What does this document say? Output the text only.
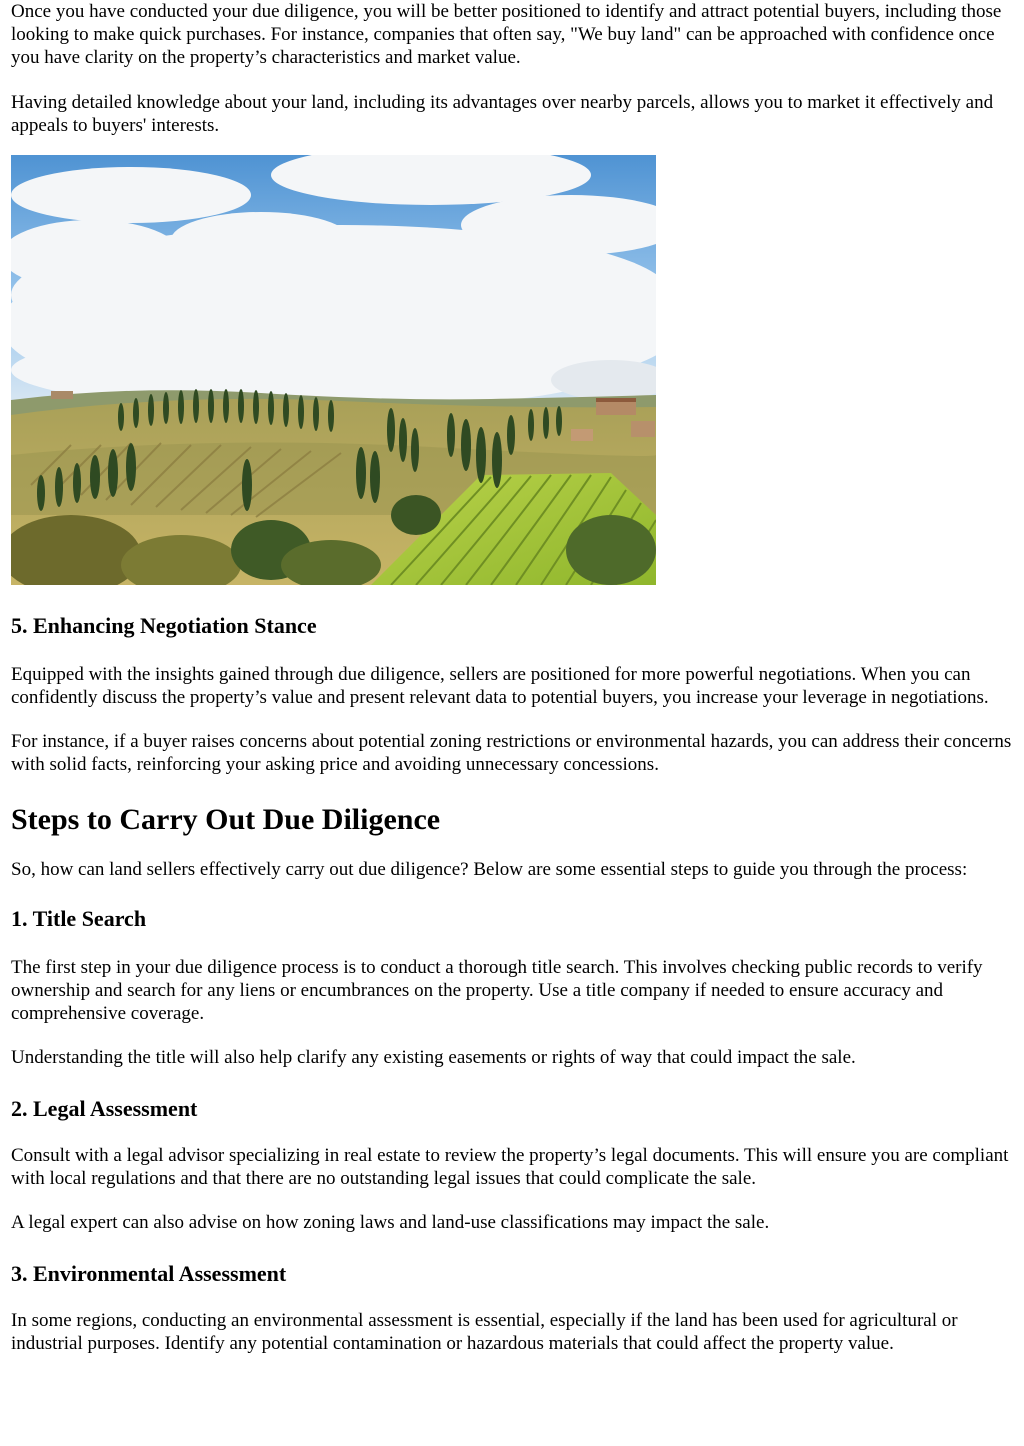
Once you have conducted your due diligence, you will be better positioned to identify and attract potential buyers, including those looking to make quick purchases. For instance, companies that often say, "We buy land" can be approached with confidence once you have clarity on the property’s characteristics and market value.

Having detailed knowledge about your land, including its advantages over nearby parcels, allows you to market it effectively and appeals to buyers' interests.

5. Enhancing Negotiation Stance

Equipped with the insights gained through due diligence, sellers are positioned for more powerful negotiations. When you can confidently discuss the property’s value and present relevant data to potential buyers, you increase your leverage in negotiations.

For instance, if a buyer raises concerns about potential zoning restrictions or environmental hazards, you can address their concerns with solid facts, reinforcing your asking price and avoiding unnecessary concessions.

Steps to Carry Out Due Diligence

So, how can land sellers effectively carry out due diligence? Below are some essential steps to guide you through the process:

1. Title Search

The first step in your due diligence process is to conduct a thorough title search. This involves checking public records to verify ownership and search for any liens or encumbrances on the property. Use a title company if needed to ensure accuracy and comprehensive coverage.

Understanding the title will also help clarify any existing easements or rights of way that could impact the sale.

2. Legal Assessment

Consult with a legal advisor specializing in real estate to review the property’s legal documents. This will ensure you are compliant with local regulations and that there are no outstanding legal issues that could complicate the sale.

A legal expert can also advise on how zoning laws and land-use classifications may impact the sale.

3. Environmental Assessment

In some regions, conducting an environmental assessment is essential, especially if the land has been used for agricultural or industrial purposes. Identify any potential contamination or hazardous materials that could affect the property value.
